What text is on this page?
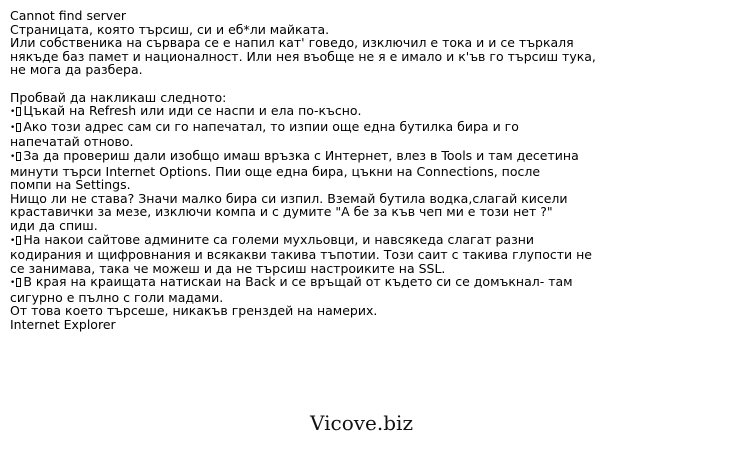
Cannot find server
Страницата, която търсиш, си и еб*ли майката.
Или собственика на сървара се е напил кат' говедо, изключил е тока и и се търкаля
някъде баз памет и националност. Или нея въобще не я е имало и к'ъв го търсиш тука,
не мога да разбера.
Пробвай да накликаш следното:
• Цъкай на Refresh или иди се наспи и ела по-късно.
• Ако този адрес сам си го напечатал, то изпии още една бутилка бира и го
напечатай отново.
• За да провериш дали изобщо имаш връзка с Интернет, влез в Tools и там десетина
минути търси Internet Options. Пии още една бира, цъкни на Connections, после
помпи на Settings.
Нищо ли не става? Значи малко бира си изпил. Вземай бутила водка,слагай кисели
краставички за мезе, изключи компа и с думите "А бе за къв чеп ми е този нет ?"
иди да спиш.
• На накои сайтове админите са големи мухльовци, и навсякеда слагат разни
кодирания и щифровнания и всякакви такива тъпотии. Този саит с такива глупости не
се занимава, така че можеш и да не търсиш настроиките на SSL.
• В края на краищата натискаи на Back и се връщай от където си се домъкнал- там
сигурно е пълно с голи мадами.
От това което търсеше, никакъв гренздей на намерих.
Internet Explorer
Vicove.biz
